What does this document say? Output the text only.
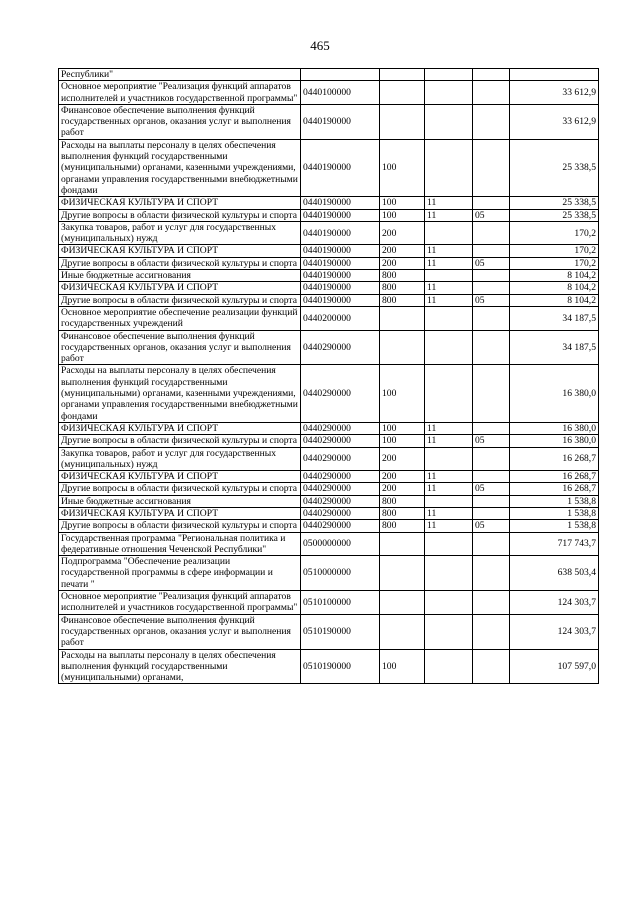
465
Республики"					
Основное мероприятие "Реализация функций аппаратов исполнителей и участников государственной программы"	0440100000				33 612,9
Финансовое обеспечение выполнения функций государственных органов, оказания услуг и выполнения работ	0440190000				33 612,9
Расходы на выплаты персоналу в целях обеспечения выполнения функций государственными (муниципальными) органами, казенными учреждениями, органами управления государственными внебюджетными фондами	0440190000	100			25 338,5
ФИЗИЧЕСКАЯ КУЛЬТУРА И СПОРТ	0440190000	100	11		25 338,5
Другие вопросы в области физической культуры и спорта	0440190000	100	11	05	25 338,5
Закупка товаров, работ и услуг для государственных (муниципальных) нужд	0440190000	200			170,2
ФИЗИЧЕСКАЯ КУЛЬТУРА И СПОРТ	0440190000	200	11		170,2
Другие вопросы в области физической культуры и спорта	0440190000	200	11	05	170,2
Иные бюджетные ассигнования	0440190000	800			8 104,2
ФИЗИЧЕСКАЯ КУЛЬТУРА И СПОРТ	0440190000	800	11		8 104,2
Другие вопросы в области физической культуры и спорта	0440190000	800	11	05	8 104,2
Основное мероприятие обеспечение реализации функций государственных учреждений	0440200000				34 187,5
Финансовое обеспечение выполнения функций государственных органов, оказания услуг и выполнения работ	0440290000				34 187,5
Расходы на выплаты персоналу в целях обеспечения выполнения функций государственными (муниципальными) органами, казенными учреждениями, органами управления государственными внебюджетными фондами	0440290000	100			16 380,0
ФИЗИЧЕСКАЯ КУЛЬТУРА И СПОРТ	0440290000	100	11		16 380,0
Другие вопросы в области физической культуры и спорта	0440290000	100	11	05	16 380,0
Закупка товаров, работ и услуг для государственных (муниципальных) нужд	0440290000	200			16 268,7
ФИЗИЧЕСКАЯ КУЛЬТУРА И СПОРТ	0440290000	200	11		16 268,7
Другие вопросы в области физической культуры и спорта	0440290000	200	11	05	16 268,7
Иные бюджетные ассигнования	0440290000	800			1 538,8
ФИЗИЧЕСКАЯ КУЛЬТУРА И СПОРТ	0440290000	800	11		1 538,8
Другие вопросы в области физической культуры и спорта	0440290000	800	11	05	1 538,8
Государственная программа "Региональная политика и федеративные отношения Чеченской Республики"	0500000000				717 743,7
Подпрограмма "Обеспечение реализации государственной программы в сфере информации и печати "	0510000000				638 503,4
Основное мероприятие "Реализация функций аппаратов исполнителей и участников государственной программы"	0510100000				124 303,7
Финансовое обеспечение выполнения функций государственных органов, оказания услуг и выполнения работ	0510190000				124 303,7
Расходы на выплаты персоналу в целях обеспечения выполнения функций государственными (муниципальными) органами,	0510190000	100			107 597,0
